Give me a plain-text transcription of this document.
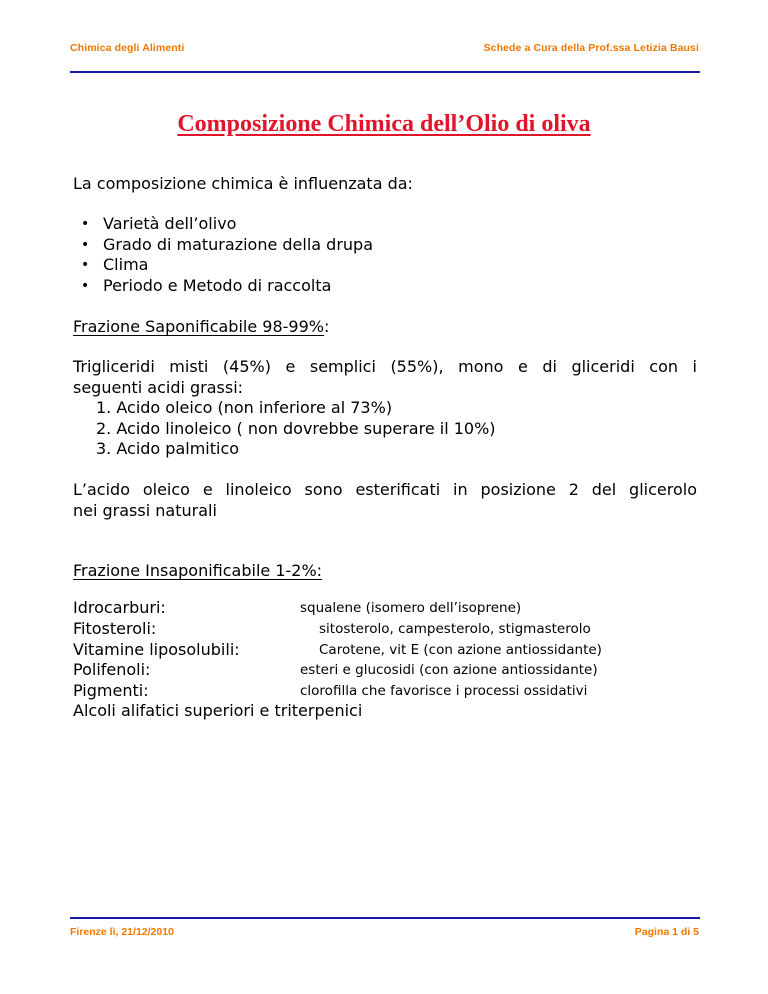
Chimica degli Alimenti	Schede a Cura della Prof.ssa Letizia Bausi
Composizione Chimica dell’Olio di oliva
La composizione chimica è influenzata da:
• Varietà dell’olivo
• Grado di maturazione della drupa
• Clima
• Periodo e Metodo di raccolta
Frazione Saponificabile 98-99%:
Trigliceridi misti (45%) e semplici (55%), mono e di gliceridi con i
seguenti acidi grassi:
1. Acido oleico (non inferiore al 73%)
2. Acido linoleico ( non dovrebbe superare il 10%)
3. Acido palmitico
L’acido oleico e linoleico sono esterificati in posizione 2 del glicerolo
nei grassi naturali
Frazione Insaponificabile 1-2%:
Idrocarburi:	squalene (isomero dell’isoprene)
Fitosteroli:	sitosterolo, campesterolo, stigmasterolo
Vitamine liposolubili:	Carotene, vit E (con azione antiossidante)
Polifenoli:	esteri e glucosidi (con azione antiossidante)
Pigmenti:	clorofilla che favorisce i processi ossidativi
Alcoli alifatici superiori e triterpenici
Firenze lì, 21/12/2010	Pagina 1 di 5
